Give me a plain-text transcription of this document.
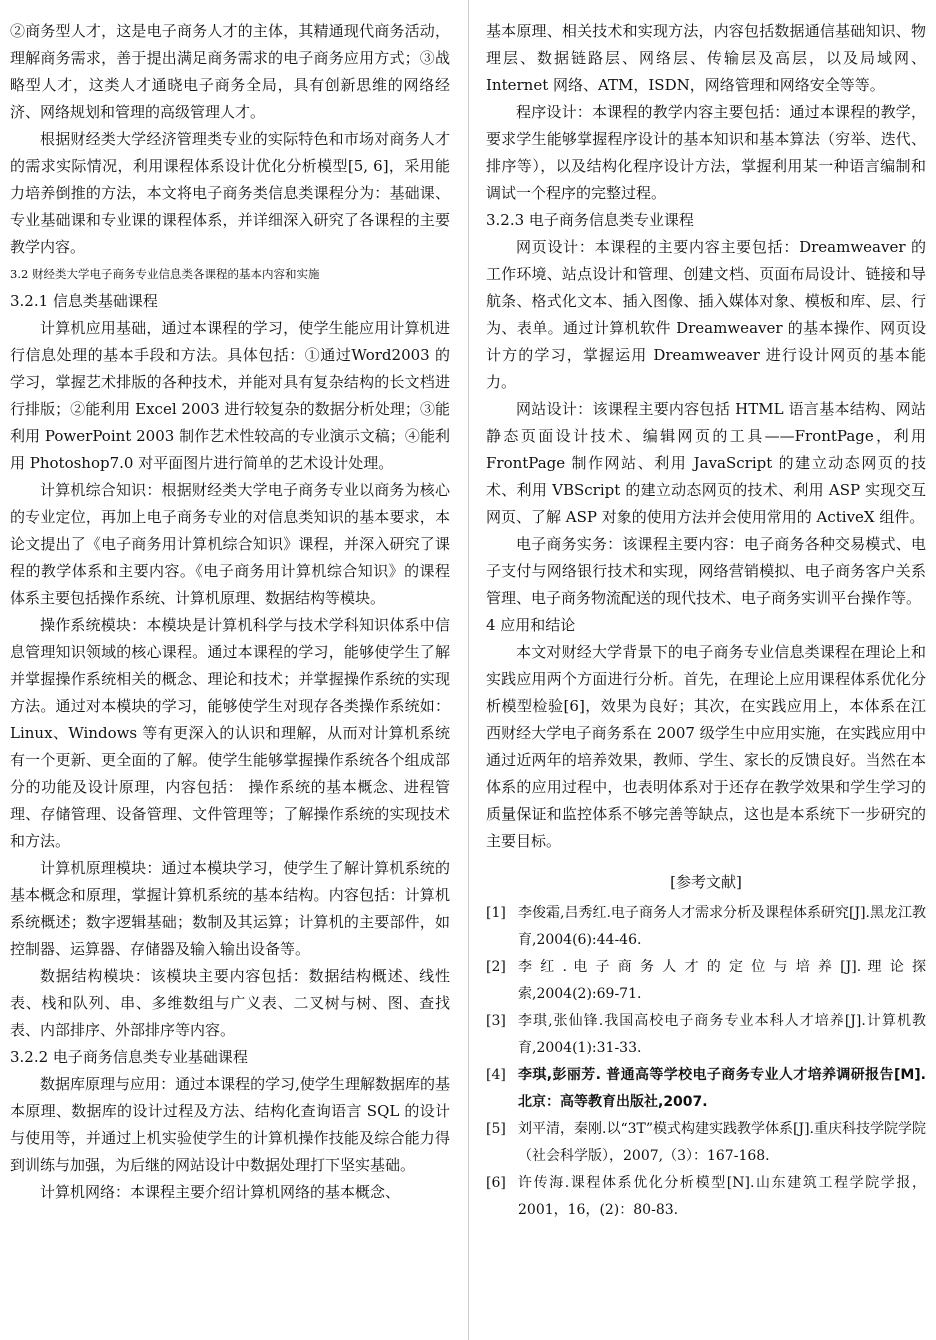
②商务型人才，这是电子商务人才的主体，其精通现代商务活动，理解商务需求，善于提出满足商务需求的电子商务应用方式；③战略型人才，这类人才通晓电子商务全局，具有创新思维的网络经济、网络规划和管理的高级管理人才。

根据财经类大学经济管理类专业的实际特色和市场对商务人才的需求实际情况，利用课程体系设计优化分析模型[5, 6]，采用能力培养倒推的方法，本文将电子商务类信息类课程分为：基础课、专业基础课和专业课的课程体系，并详细深入研究了各课程的主要教学内容。

3.2 财经类大学电子商务专业信息类各课程的基本内容和实施
3.2.1 信息类基础课程

计算机应用基础，通过本课程的学习，使学生能应用计算机进行信息处理的基本手段和方法。具体包括：①通过Word2003 的学习，掌握艺术排版的各种技术，并能对具有复杂结构的长文档进行排版；②能利用 Excel 2003 进行较复杂的数据分析处理；③能利用 PowerPoint 2003 制作艺术性较高的专业演示文稿；④能利用 Photoshop7.0 对平面图片进行简单的艺术设计处理。

计算机综合知识：根据财经类大学电子商务专业以商务为核心的专业定位，再加上电子商务专业的对信息类知识的基本要求，本论文提出了《电子商务用计算机综合知识》课程，并深入研究了课程的教学体系和主要内容。《电子商务用计算机综合知识》的课程体系主要包括操作系统、计算机原理、数据结构等模块。

操作系统模块：本模块是计算机科学与技术学科知识体系中信息管理知识领域的核心课程。通过本课程的学习，能够使学生了解并掌握操作系统相关的概念、理论和技术；并掌握操作系统的实现方法。通过对本模块的学习，能够使学生对现存各类操作系统如：Linux、Windows 等有更深入的认识和理解，从而对计算机系统有一个更新、更全面的了解。使学生能够掌握操作系统各个组成部分的功能及设计原理，内容包括： 操作系统的基本概念、进程管理、存储管理、设备管理、文件管理等；了解操作系统的实现技术和方法。

计算机原理模块：通过本模块学习，使学生了解计算机系统的基本概念和原理，掌握计算机系统的基本结构。内容包括：计算机系统概述；数字逻辑基础；数制及其运算；计算机的主要部件，如控制器、运算器、存储器及输入输出设备等。

数据结构模块：该模块主要内容包括：数据结构概述、线性表、栈和队列、串、多维数组与广义表、二叉树与树、图、查找表、内部排序、外部排序等内容。

3.2.2 电子商务信息类专业基础课程

数据库原理与应用：通过本课程的学习,使学生理解数据库的基本原理、数据库的设计过程及方法、结构化查询语言 SQL 的设计与使用等，并通过上机实验使学生的计算机操作技能及综合能力得到训练与加强，为后继的网站设计中数据处理打下坚实基础。

计算机网络：本课程主要介绍计算机网络的基本概念、

基本原理、相关技术和实现方法，内容包括数据通信基础知识、物理层、数据链路层、网络层、传输层及高层，以及局域网、Internet 网络、ATM，ISDN，网络管理和网络安全等等。

程序设计：本课程的教学内容主要包括：通过本课程的教学，要求学生能够掌握程序设计的基本知识和基本算法（穷举、迭代、排序等），以及结构化程序设计方法，掌握利用某一种语言编制和调试一个程序的完整过程。

3.2.3 电子商务信息类专业课程

网页设计：本课程的主要内容主要包括：Dreamweaver 的工作环境、站点设计和管理、创建文档、页面布局设计、链接和导航条、格式化文本、插入图像、插入媒体对象、模板和库、层、行为、表单。通过计算机软件 Dreamweaver 的基本操作、网页设计方的学习，掌握运用 Dreamweaver 进行设计网页的基本能力。

网站设计：该课程主要内容包括 HTML 语言基本结构、网站静态页面设计技术、编辑网页的工具——FrontPage，利用 FrontPage 制作网站、利用 JavaScript 的建立动态网页的技术、利用 VBScript 的建立动态网页的技术、利用 ASP 实现交互网页、了解 ASP 对象的使用方法并会使用常用的 ActiveX 组件。

电子商务实务：该课程主要内容：电子商务各种交易模式、电子支付与网络银行技术和实现，网络营销模拟、电子商务客户关系管理、电子商务物流配送的现代技术、电子商务实训平台操作等。

4 应用和结论

本文对财经大学背景下的电子商务专业信息类课程在理论上和实践应用两个方面进行分析。首先，在理论上应用课程体系优化分析模型检验[6]，效果为良好；其次，在实践应用上，本体系在江西财经大学电子商务系在 2007 级学生中应用实施，在实践应用中通过近两年的培养效果，教师、学生、家长的反馈良好。当然在本体系的应用过程中，也表明体系对于还存在教学效果和学生学习的质量保证和监控体系不够完善等缺点，这也是本系统下一步研究的主要目标。

[参考文献]
[1] 李俊霜,吕秀红.电子商务人才需求分析及课程体系研究[J].黑龙江教育,2004(6):44-46.
[2] 李 红 . 电 子 商 务 人 才 的 定 位 与 培 养 [J]. 理 论 探 索,2004(2):69-71.
[3] 李琪,张仙锋.我国高校电子商务专业本科人才培养[J].计算机教育,2004(1):31-33.
[4] 李琪,彭丽芳. 普通高等学校电子商务专业人才培养调研报告[M].北京：高等教育出版社,2007.
[5] 刘平清，秦刚.以“3T”模式构建实践教学体系[J].重庆科技学院学院（社会科学版），2007,（3）：167-168.
[6] 许传海.课程体系优化分析模型[N].山东建筑工程学院学报，2001，16，(2)：80-83.
